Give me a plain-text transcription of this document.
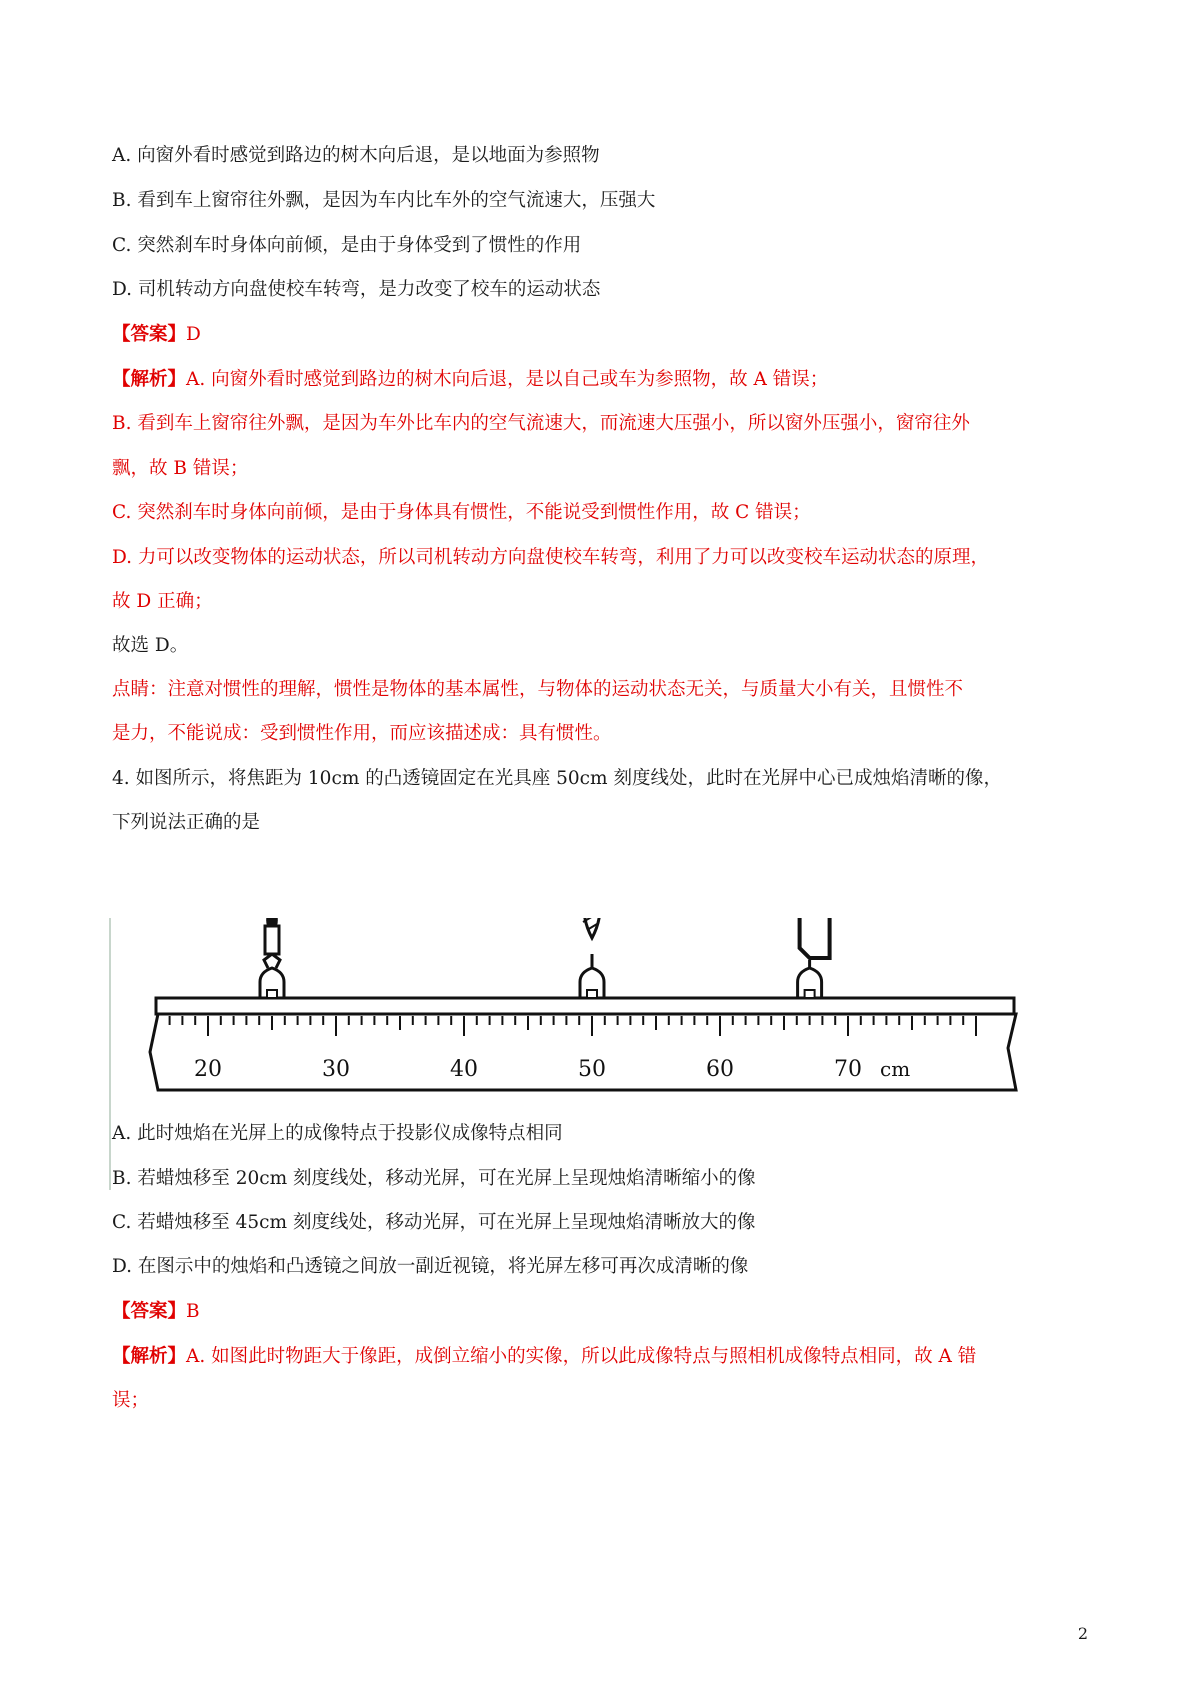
A. 向窗外看时感觉到路边的树木向后退，是以地面为参照物
B. 看到车上窗帘往外飘，是因为车内比车外的空气流速大，压强大
C. 突然刹车时身体向前倾，是由于身体受到了惯性的作用
D. 司机转动方向盘使校车转弯，是力改变了校车的运动状态
【答案】D
【解析】A. 向窗外看时感觉到路边的树木向后退，是以自己或车为参照物，故 A 错误；
B. 看到车上窗帘往外飘，是因为车外比车内的空气流速大，而流速大压强小，所以窗外压强小，窗帘往外
飘，故 B 错误；
C. 突然刹车时身体向前倾，是由于身体具有惯性，不能说受到惯性作用，故 C 错误；
D. 力可以改变物体的运动状态，所以司机转动方向盘使校车转弯，利用了力可以改变校车运动状态的原理，
故 D 正确；
故选 D。
点睛：注意对惯性的理解，惯性是物体的基本属性，与物体的运动状态无关，与质量大小有关，且惯性不
是力，不能说成：受到惯性作用，而应该描述成：具有惯性。
4. 如图所示，将焦距为 10cm 的凸透镜固定在光具座 50cm 刻度线处，此时在光屏中心已成烛焰清晰的像，
下列说法正确的是
20	30	40	50	60	70 cm
A. 此时烛焰在光屏上的成像特点于投影仪成像特点相同
B. 若蜡烛移至 20cm 刻度线处，移动光屏，可在光屏上呈现烛焰清晰缩小的像
C. 若蜡烛移至 45cm 刻度线处，移动光屏，可在光屏上呈现烛焰清晰放大的像
D. 在图示中的烛焰和凸透镜之间放一副近视镜，将光屏左移可再次成清晰的像
【答案】B
【解析】A. 如图此时物距大于像距，成倒立缩小的实像，所以此成像特点与照相机成像特点相同，故 A 错
误；
2
